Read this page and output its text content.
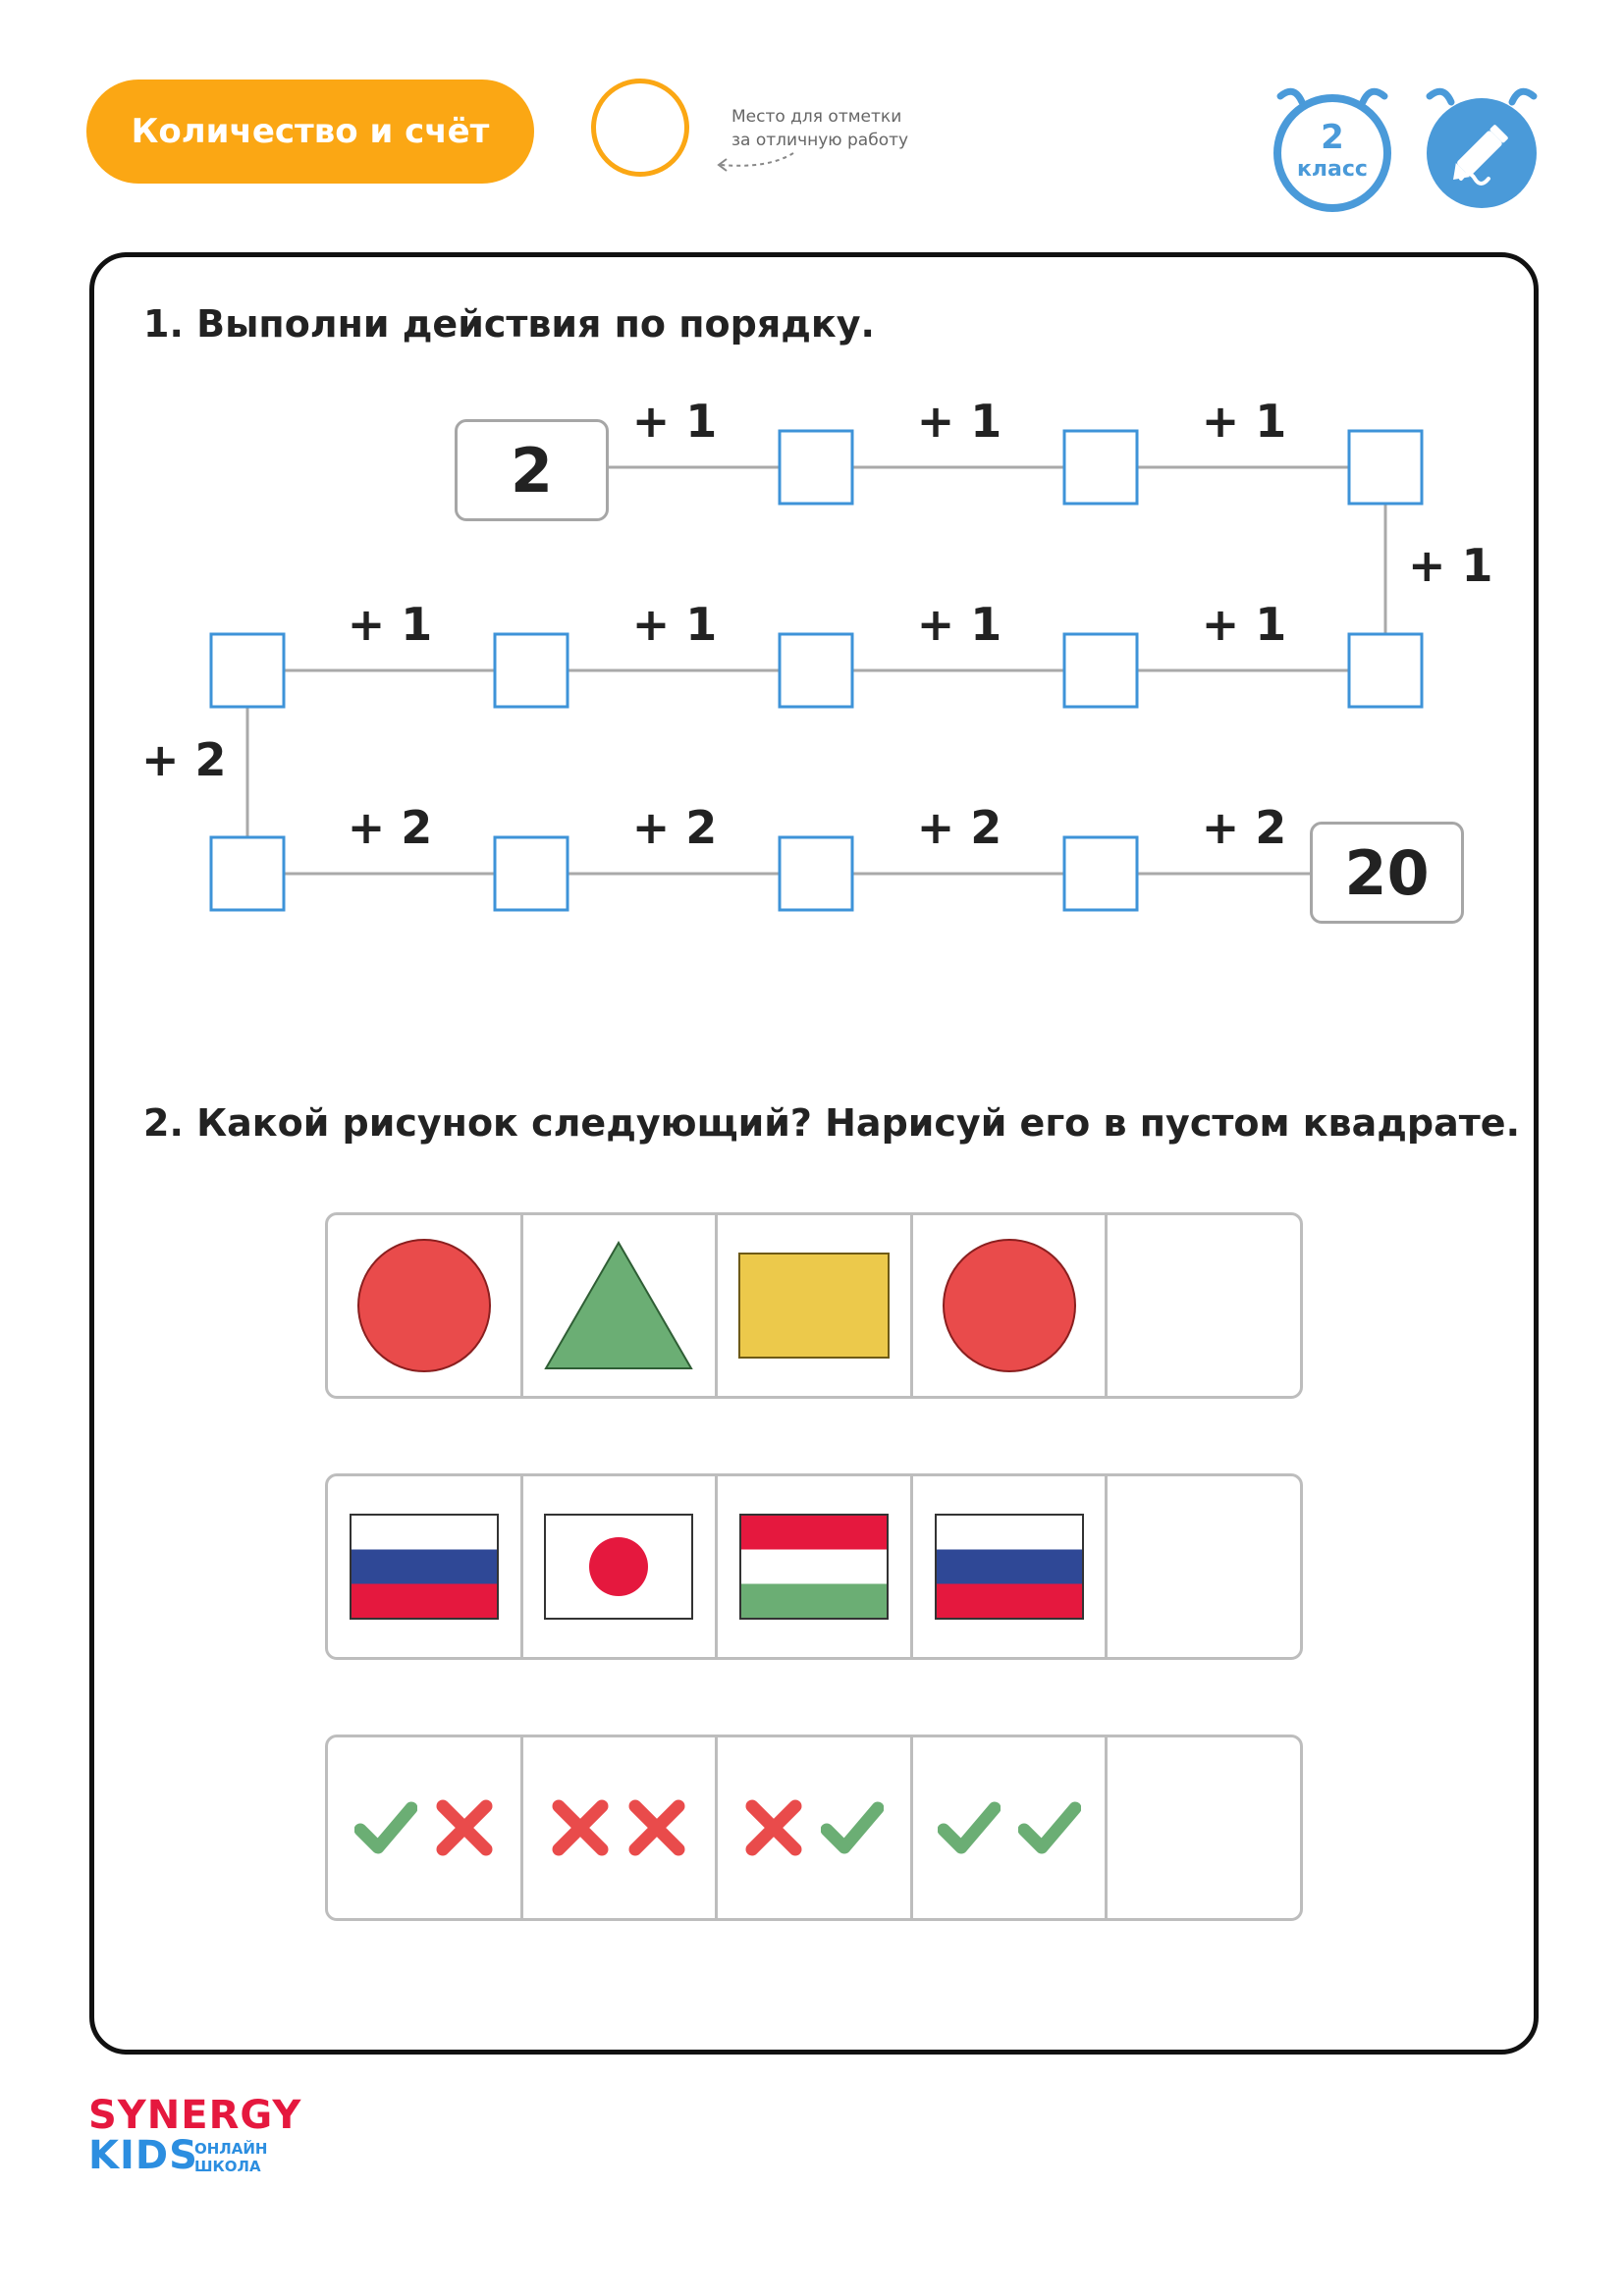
Количество и счёт	Место для отметки
за отличную работу	2
класс
1. Выполни действия по порядку.
2
20
+ 1	+ 1	+ 1
+ 1
+ 1	+ 1	+ 1	+ 1
+ 2
+ 2	+ 2	+ 2	+ 2
2. Какой рисунок следующий? Нарисуй его в пустом квадрате.
SYNERGY
KIDS
ОНЛАЙН
ШКОЛА
